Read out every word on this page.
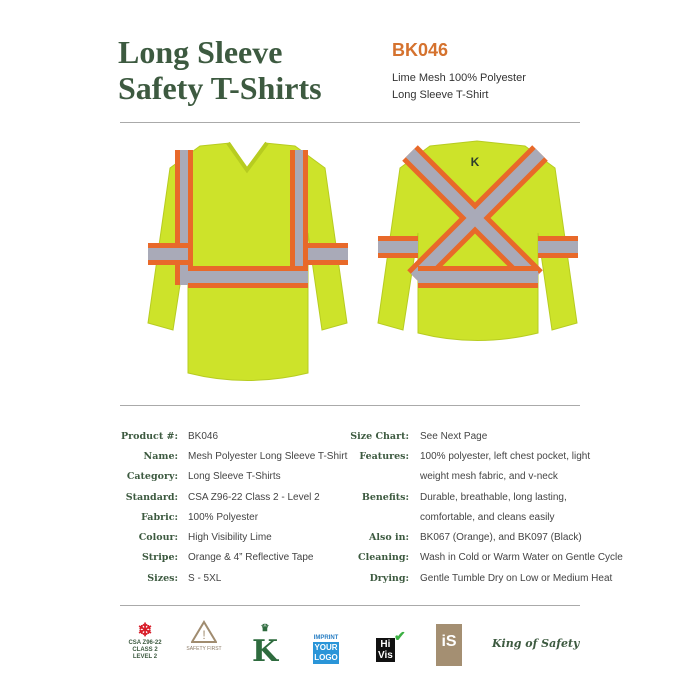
Long Sleeve
Safety T-Shirts
BK046
Lime Mesh 100% Polyester
Long Sleeve T-Shirt
K
Product #: BK046
Name: Mesh Polyester Long Sleeve T-Shirt
Category: Long Sleeve T-Shirts
Standard: CSA Z96-22 Class 2 - Level 2
Fabric: 100% Polyester
Colour: High Visibility Lime
Stripe: Orange & 4” Reflective Tape
Sizes: S - 5XL
Size Chart: See Next Page
Features: 100% polyester, left chest pocket, light
weight mesh fabric, and v-neck
Benefits: Durable, breathable, long lasting,
comfortable, and cleans easily
Also in: BK067 (Orange), and BK097 (Black)
Cleaning: Wash in Cold or Warm Water on Gentle Cycle
Drying: Gentle Tumble Dry on Low or Medium Heat
❄
CSA Z96-22
CLASS 2
LEVEL 2
!
SAFETY FIRST
♛
K	IMPRINT
YOUR
LOGO
Hi
Vis
✔	iS	King of Safety
